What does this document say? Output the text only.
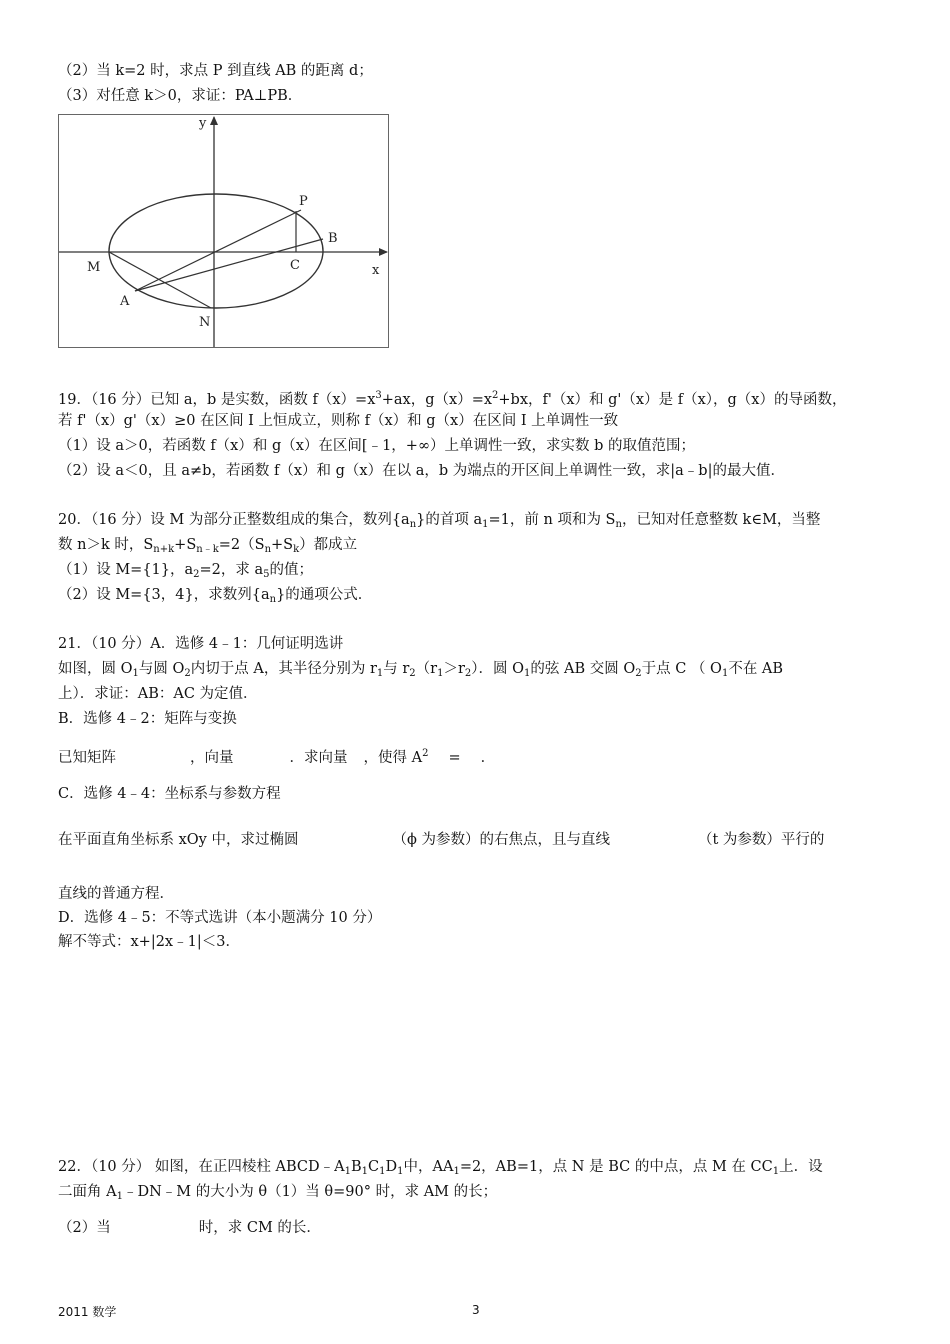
（2）当 k=2 时，求点 P 到直线 AB 的距离 d；
（3）对任意 k＞0，求证：PA⊥PB．
y
x
P
B
C
M
A
N
19．（16 分）已知 a，b 是实数，函数 $f(x)=x^3+ax$，$g(x)=x^2+bx$，f'（x）和 g'（x）是 f（x），g（x）的导函数，
若 f'（x）g'（x）≥0 在区间 I 上恒成立，则称 f（x）和 g（x）在区间 I 上单调性一致
（1）设 a＞0，若函数 f（x）和 g（x）在区间[﹣1，+∞）上单调性一致，求实数 b 的取值范围；
（2）设 a＜0，且 a≠b，若函数 f（x）和 g（x）在以 a，b 为端点的开区间上单调性一致，求|a﹣b|的最大值．
20．（16 分）设 M 为部分正整数组成的集合，数列$\{a_n\}$的首项 $a_1=1$，前 n 项和为 $S_n$，已知对任意整数 k∈M，当整
数 n＞k 时，$S_{n+k}+S_{n﹣k}=2(S_n+S_k)$都成立
（1）设 M={1}，$a_2=2$，求 $a_5$的值；
（2）设 M={3，4}，求数列$\{a_n\}$的通项公式．
21．（10 分）A．选修 4﹣1：几何证明选讲
如图，圆 $O_1$与圆 $O_2$内切于点 A，其半径分别为 $r_1$与 $r_2(r_1>r_2)$．圆 $O_1$的弦 AB 交圆 $O_2$于点 C （ $O_1$不在 AB
上）．求证：AB：AC 为定值．
B．选修 4﹣2：矩阵与变换
已知矩阵	，向量	．求向量 ，使得 $A^2$ = ．
C．选修 4﹣4：坐标系与参数方程
在平面直角坐标系 xOy 中，求过椭圆	（ϕ 为参数）的右焦点，且与直线	（t 为参数）平行的
直线的普通方程．
D．选修 4﹣5：不等式选讲（本小题满分 10 分）
解不等式：x+|2x﹣1|＜3．
22．（10 分） 如图，在正四棱柱 $ABCD﹣A_1B_1C_1D_1$中，$AA_1=2$，AB=1，点 N 是 BC 的中点，点 M 在 $CC_1$上．设
二面角 $A_1﹣DN﹣M$ 的大小为 θ（1）当 θ=90° 时，求 AM 的长；
（2）当	时，求 CM 的长．
2011 数学	3
